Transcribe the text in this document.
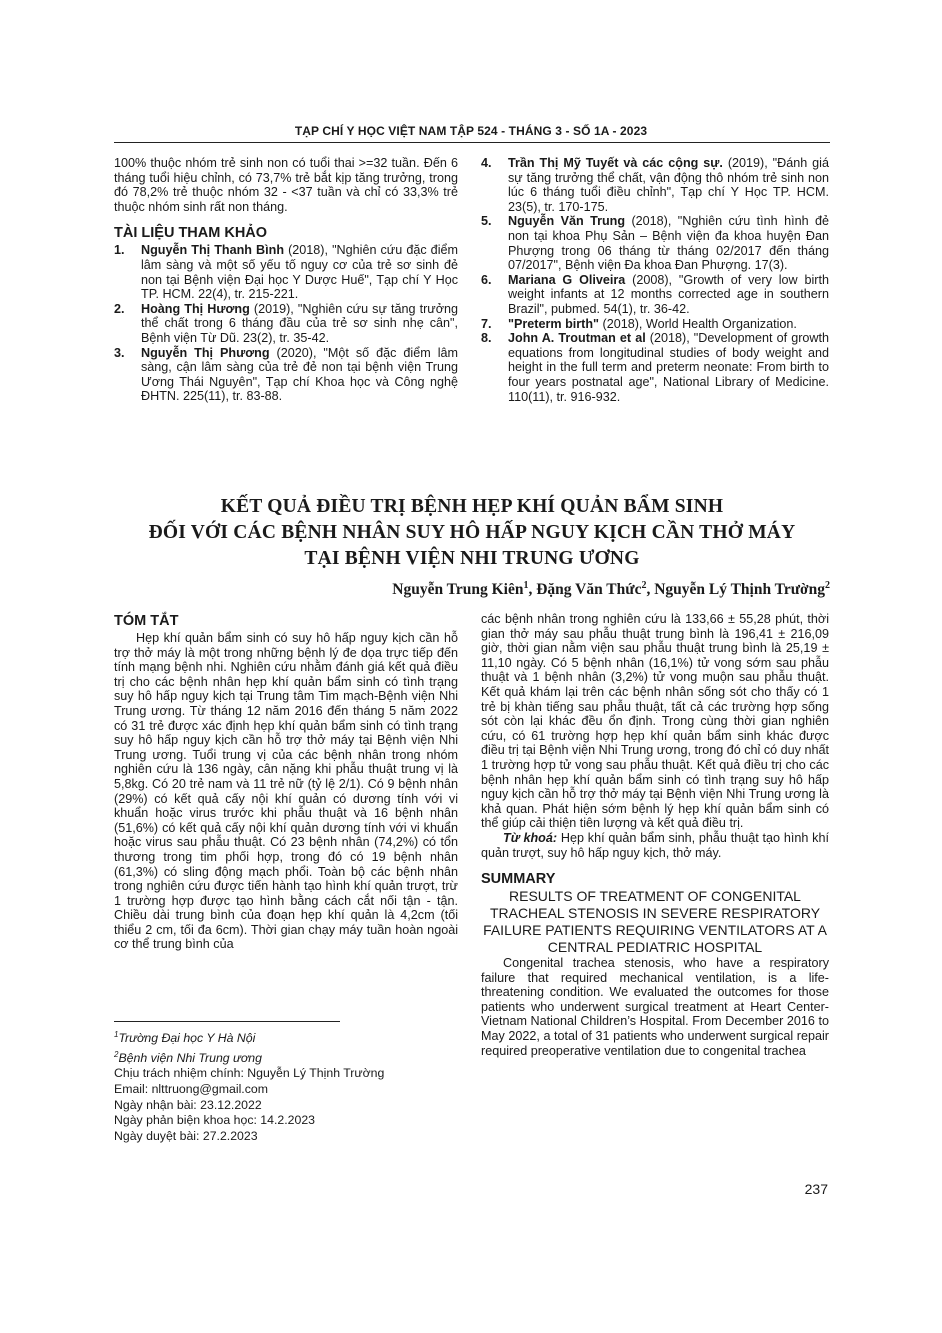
TẠP CHÍ Y HỌC VIỆT NAM TẬP 524 - THÁNG 3 - SỐ 1A - 2023

100% thuộc nhóm trẻ sinh non có tuổi thai >=32 tuần. Đến 6 tháng tuổi hiệu chỉnh, có 73,7% trẻ bắt kịp tăng trưởng, trong đó 78,2% trẻ thuộc nhóm 32 - <37 tuần và chỉ có 33,3% trẻ thuộc nhóm sinh rất non tháng.

TÀI LIỆU THAM KHẢO
1. Nguyễn Thị Thanh Bình (2018), "Nghiên cứu đặc điểm lâm sàng và một số yếu tố nguy cơ của trẻ sơ sinh đẻ non tại Bệnh viện Đại học Y Dược Huế", Tạp chí Y Học TP. HCM. 22(4), tr. 215-221.
2. Hoàng Thị Hương (2019), "Nghiên cứu sự tăng trưởng thể chất trong 6 tháng đầu của trẻ sơ sinh nhẹ cân", Bệnh viện Từ Dũ. 23(2), tr. 35-42.
3. Nguyễn Thị Phương (2020), "Một số đặc điểm lâm sàng, cận lâm sàng của trẻ đẻ non tại bệnh viện Trung Ương Thái Nguyên", Tạp chí Khoa học và Công nghệ ĐHTN. 225(11), tr. 83-88.
4. Trần Thị Mỹ Tuyết và các cộng sự. (2019), "Đánh giá sự tăng trưởng thể chất, vận động thô nhóm trẻ sinh non lúc 6 tháng tuổi điều chỉnh", Tạp chí Y Học TP. HCM. 23(5), tr. 170-175.
5. Nguyễn Văn Trung (2018), "Nghiên cứu tình hình đẻ non tại khoa Phụ Sản – Bệnh viện đa khoa huyện Đan Phượng trong 06 tháng từ tháng 02/2017 đến tháng 07/2017", Bệnh viện Đa khoa Đan Phượng. 17(3).
6. Mariana G Oliveira (2008), "Growth of very low birth weight infants at 12 months corrected age in southern Brazil", pubmed. 54(1), tr. 36-42.
7. "Preterm birth" (2018), World Health Organization.
8. John A. Troutman et al (2018), "Development of growth equations from longitudinal studies of body weight and height in the full term and preterm neonate: From birth to four years postnatal age", National Library of Medicine. 110(11), tr. 916-932.
KẾT QUẢ ĐIỀU TRỊ BỆNH HẸP KHÍ QUẢN BẨM SINH
ĐỐI VỚI CÁC BỆNH NHÂN SUY HÔ HẤP NGUY KỊCH CẦN THỞ MÁY
TẠI BỆNH VIỆN NHI TRUNG ƯƠNG
Nguyễn Trung Kiên$^1$, Đặng Văn Thức$^2$, Nguyễn Lý Thịnh Trường$^2$
TÓM TẮT

Hẹp khí quản bẩm sinh có suy hô hấp nguy kịch cần hỗ trợ thở máy là một trong những bệnh lý đe dọa trực tiếp đến tính mạng bệnh nhi. Nghiên cứu nhằm đánh giá kết quả điều trị cho các bệnh nhân hẹp khí quản bẩm sinh có tình trạng suy hô hấp nguy kịch tại Trung tâm Tim mạch-Bệnh viện Nhi Trung ương. Từ tháng 12 năm 2016 đến tháng 5 năm 2022 có 31 trẻ được xác định hẹp khí quản bẩm sinh có tình trạng suy hô hấp nguy kịch cần hỗ trợ thở máy tại Bệnh viện Nhi Trung ương. Tuổi trung vị của các bệnh nhân trong nhóm nghiên cứu là 136 ngày, cân nặng khi phẫu thuật trung vị là 5,8kg. Có 20 trẻ nam và 11 trẻ nữ (tỷ lệ 2/1). Có 9 bệnh nhân (29%) có kết quả cấy nội khí quản có dương tính với vi khuẩn hoặc virus trước khi phẫu thuật và 16 bệnh nhân (51,6%) có kết quả cấy nội khí quản dương tính với vi khuẩn hoặc virus sau phẫu thuật. Có 23 bệnh nhân (74,2%) có tổn thương trong tim phối hợp, trong đó có 19 bệnh nhân (61,3%) có sling động mạch phổi. Toàn bộ các bệnh nhân trong nghiên cứu được tiến hành tạo hình khí quản trượt, trừ 1 trường hợp được tạo hình bằng cách cắt nối tận - tận. Chiều dài trung bình của đoạn hẹp khí quản là 4,2cm (tối thiểu 2 cm, tối đa 6cm). Thời gian chạy máy tuần hoàn ngoài cơ thể trung bình của

các bệnh nhân trong nghiên cứu là 133,66 ± 55,28 phút, thời gian thở máy sau phẫu thuật trung bình là 196,41 ± 216,09 giờ, thời gian nằm viện sau phẫu thuật trung bình là 25,19 ± 11,10 ngày. Có 5 bệnh nhân (16,1%) tử vong sớm sau phẫu thuật và 1 bệnh nhân (3,2%) tử vong muộn sau phẫu thuật. Kết quả khám lại trên các bệnh nhân sống sót cho thấy có 1 trẻ bị khàn tiếng sau phẫu thuật, tất cả các trường hợp sống sót còn lại khác đều ổn định. Trong cùng thời gian nghiên cứu, có 61 trường hợp hẹp khí quản bẩm sinh khác được điều trị tại Bệnh viện Nhi Trung ương, trong đó chỉ có duy nhất 1 trường hợp tử vong sau phẫu thuật. Kết quả điều trị cho các bệnh nhân hẹp khí quản bẩm sinh có tình trạng suy hô hấp nguy kịch cần hỗ trợ thở máy tại Bệnh viện Nhi Trung ương là khả quan. Phát hiện sớm bệnh lý hẹp khí quản bẩm sinh có thể giúp cải thiện tiên lượng và kết quả điều trị.

Từ khoá: Hẹp khí quản bẩm sinh, phẫu thuật tạo hình khí quản trượt, suy hô hấp nguy kịch, thở máy.

SUMMARY
RESULTS OF TREATMENT OF CONGENITAL TRACHEAL STENOSIS IN SEVERE RESPIRATORY FAILURE PATIENTS REQUIRING VENTILATORS AT A CENTRAL PEDIATRIC HOSPITAL

Congenital trachea stenosis, who have a respiratory failure that required mechanical ventilation, is a life-threatening condition. We evaluated the outcomes for those patients who underwent surgical treatment at Heart Center-Vietnam National Children’s Hospital. From December 2016 to May 2022, a total of 31 patients who underwent surgical repair required preoperative ventilation due to congenital trachea

$^1$Trường Đại học Y Hà Nội
$^2$Bệnh viện Nhi Trung ương
Chịu trách nhiệm chính: Nguyễn Lý Thịnh Trường
Email: nlttruong@gmail.com
Ngày nhận bài: 23.12.2022
Ngày phản biện khoa học: 14.2.2023
Ngày duyệt bài: 27.2.2023
237
